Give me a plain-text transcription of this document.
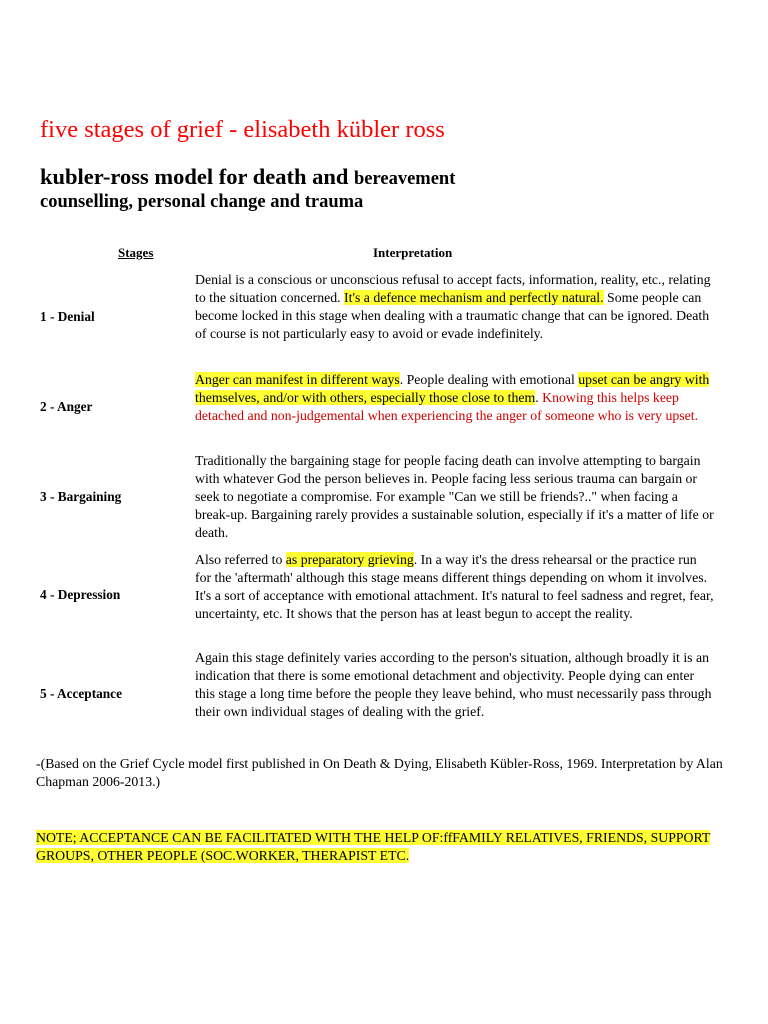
five stages of grief - elisabeth kübler ross
kubler-ross model for death and bereavement
counselling, personal change and trauma
Stages	Interpretation
1 - Denial
Denial is a conscious or unconscious refusal to accept facts, information, reality, etc., relating to the situation concerned. It's a defence mechanism and perfectly natural. Some people can become locked in this stage when dealing with a traumatic change that can be ignored. Death of course is not particularly easy to avoid or evade indefinitely.
2 - Anger
Anger can manifest in different ways. People dealing with emotional upset can be angry with themselves, and/or with others, especially those close to them. Knowing this helps keep detached and non-judgemental when experiencing the anger of someone who is very upset.
3 - Bargaining
Traditionally the bargaining stage for people facing death can involve attempting to bargain with whatever God the person believes in. People facing less serious trauma can bargain or seek to negotiate a compromise. For example "Can we still be friends?.." when facing a break-up. Bargaining rarely provides a sustainable solution, especially if it's a matter of life or death.
4 - Depression
Also referred to as preparatory grieving. In a way it's the dress rehearsal or the practice run for the 'aftermath' although this stage means different things depending on whom it involves. It's a sort of acceptance with emotional attachment. It's natural to feel sadness and regret, fear, uncertainty, etc. It shows that the person has at least begun to accept the reality.
5 - Acceptance
Again this stage definitely varies according to the person's situation, although broadly it is an indication that there is some emotional detachment and objectivity. People dying can enter this stage a long time before the people they leave behind, who must necessarily pass through their own individual stages of dealing with the grief.
-(Based on the Grief Cycle model first published in On Death & Dying, Elisabeth Kübler-Ross, 1969. Interpretation by Alan Chapman 2006-2013.)
NOTE; ACCEPTANCE CAN BE FACILITATED WITH THE HELP OF:ffFAMILY RELATIVES, FRIENDS, SUPPORT GROUPS, OTHER PEOPLE (SOC.WORKER, THERAPIST ETC.
